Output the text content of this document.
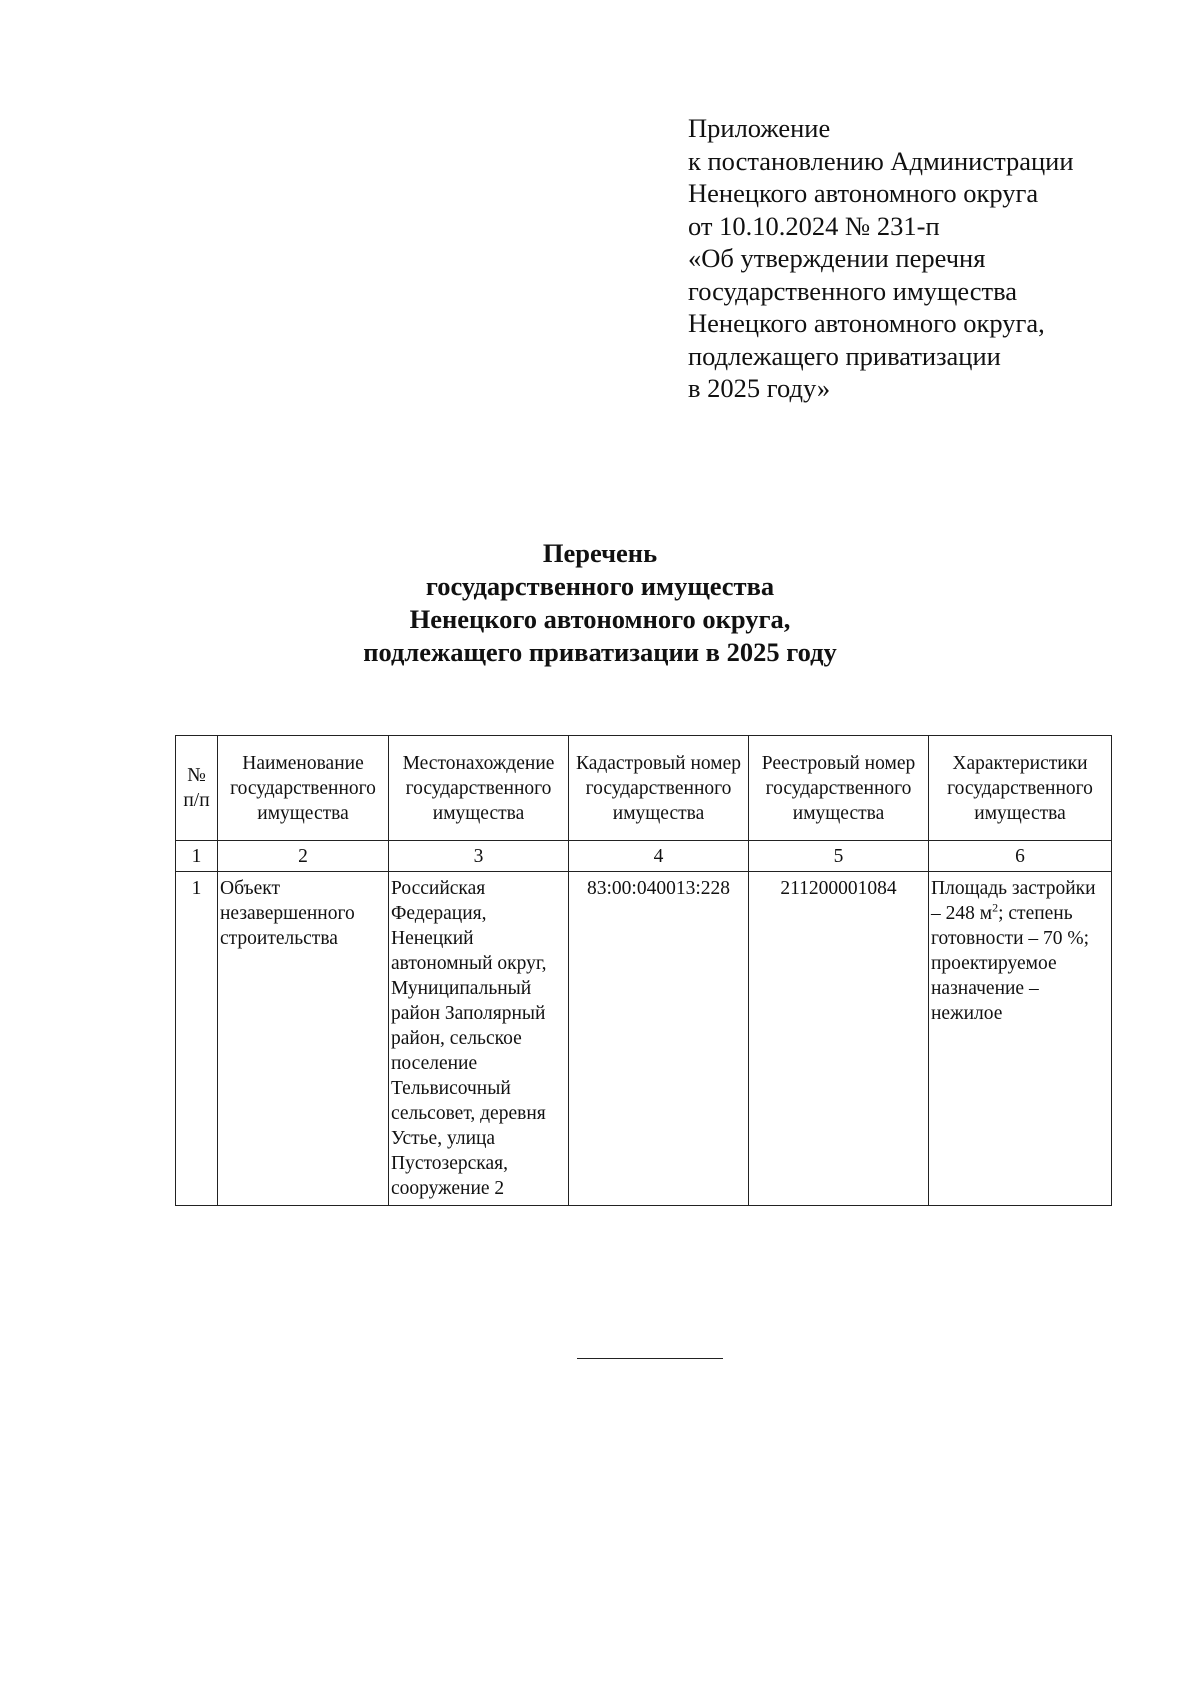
Приложение
к постановлению Администрации
Ненецкого автономного округа
от 10.10.2024 № 231-п
«Об утверждении перечня
государственного имущества
Ненецкого автономного округа,
подлежащего приватизации
в 2025 году»
Перечень
государственного имущества
Ненецкого автономного округа,
подлежащего приватизации в 2025 году
№ п/п	Наименование государственного имущества	Местонахождение государственного имущества	Кадастровый номер государственного имущества	Реестровый номер государственного имущества	Характеристики государственного имущества
1	2	3	4	5	6
1	Объект незавершенного строительства	Российская Федерация, Ненецкий автономный округ, Муниципальный район Заполярный район, сельское поселение Тельвисочный сельсовет, деревня Устье, улица Пустозерская, сооружение 2	83:00:040013:228	211200001084	Площадь застройки – 248 $м^2$; степень готовности – 70 %; проектируемое назначение – нежилое
